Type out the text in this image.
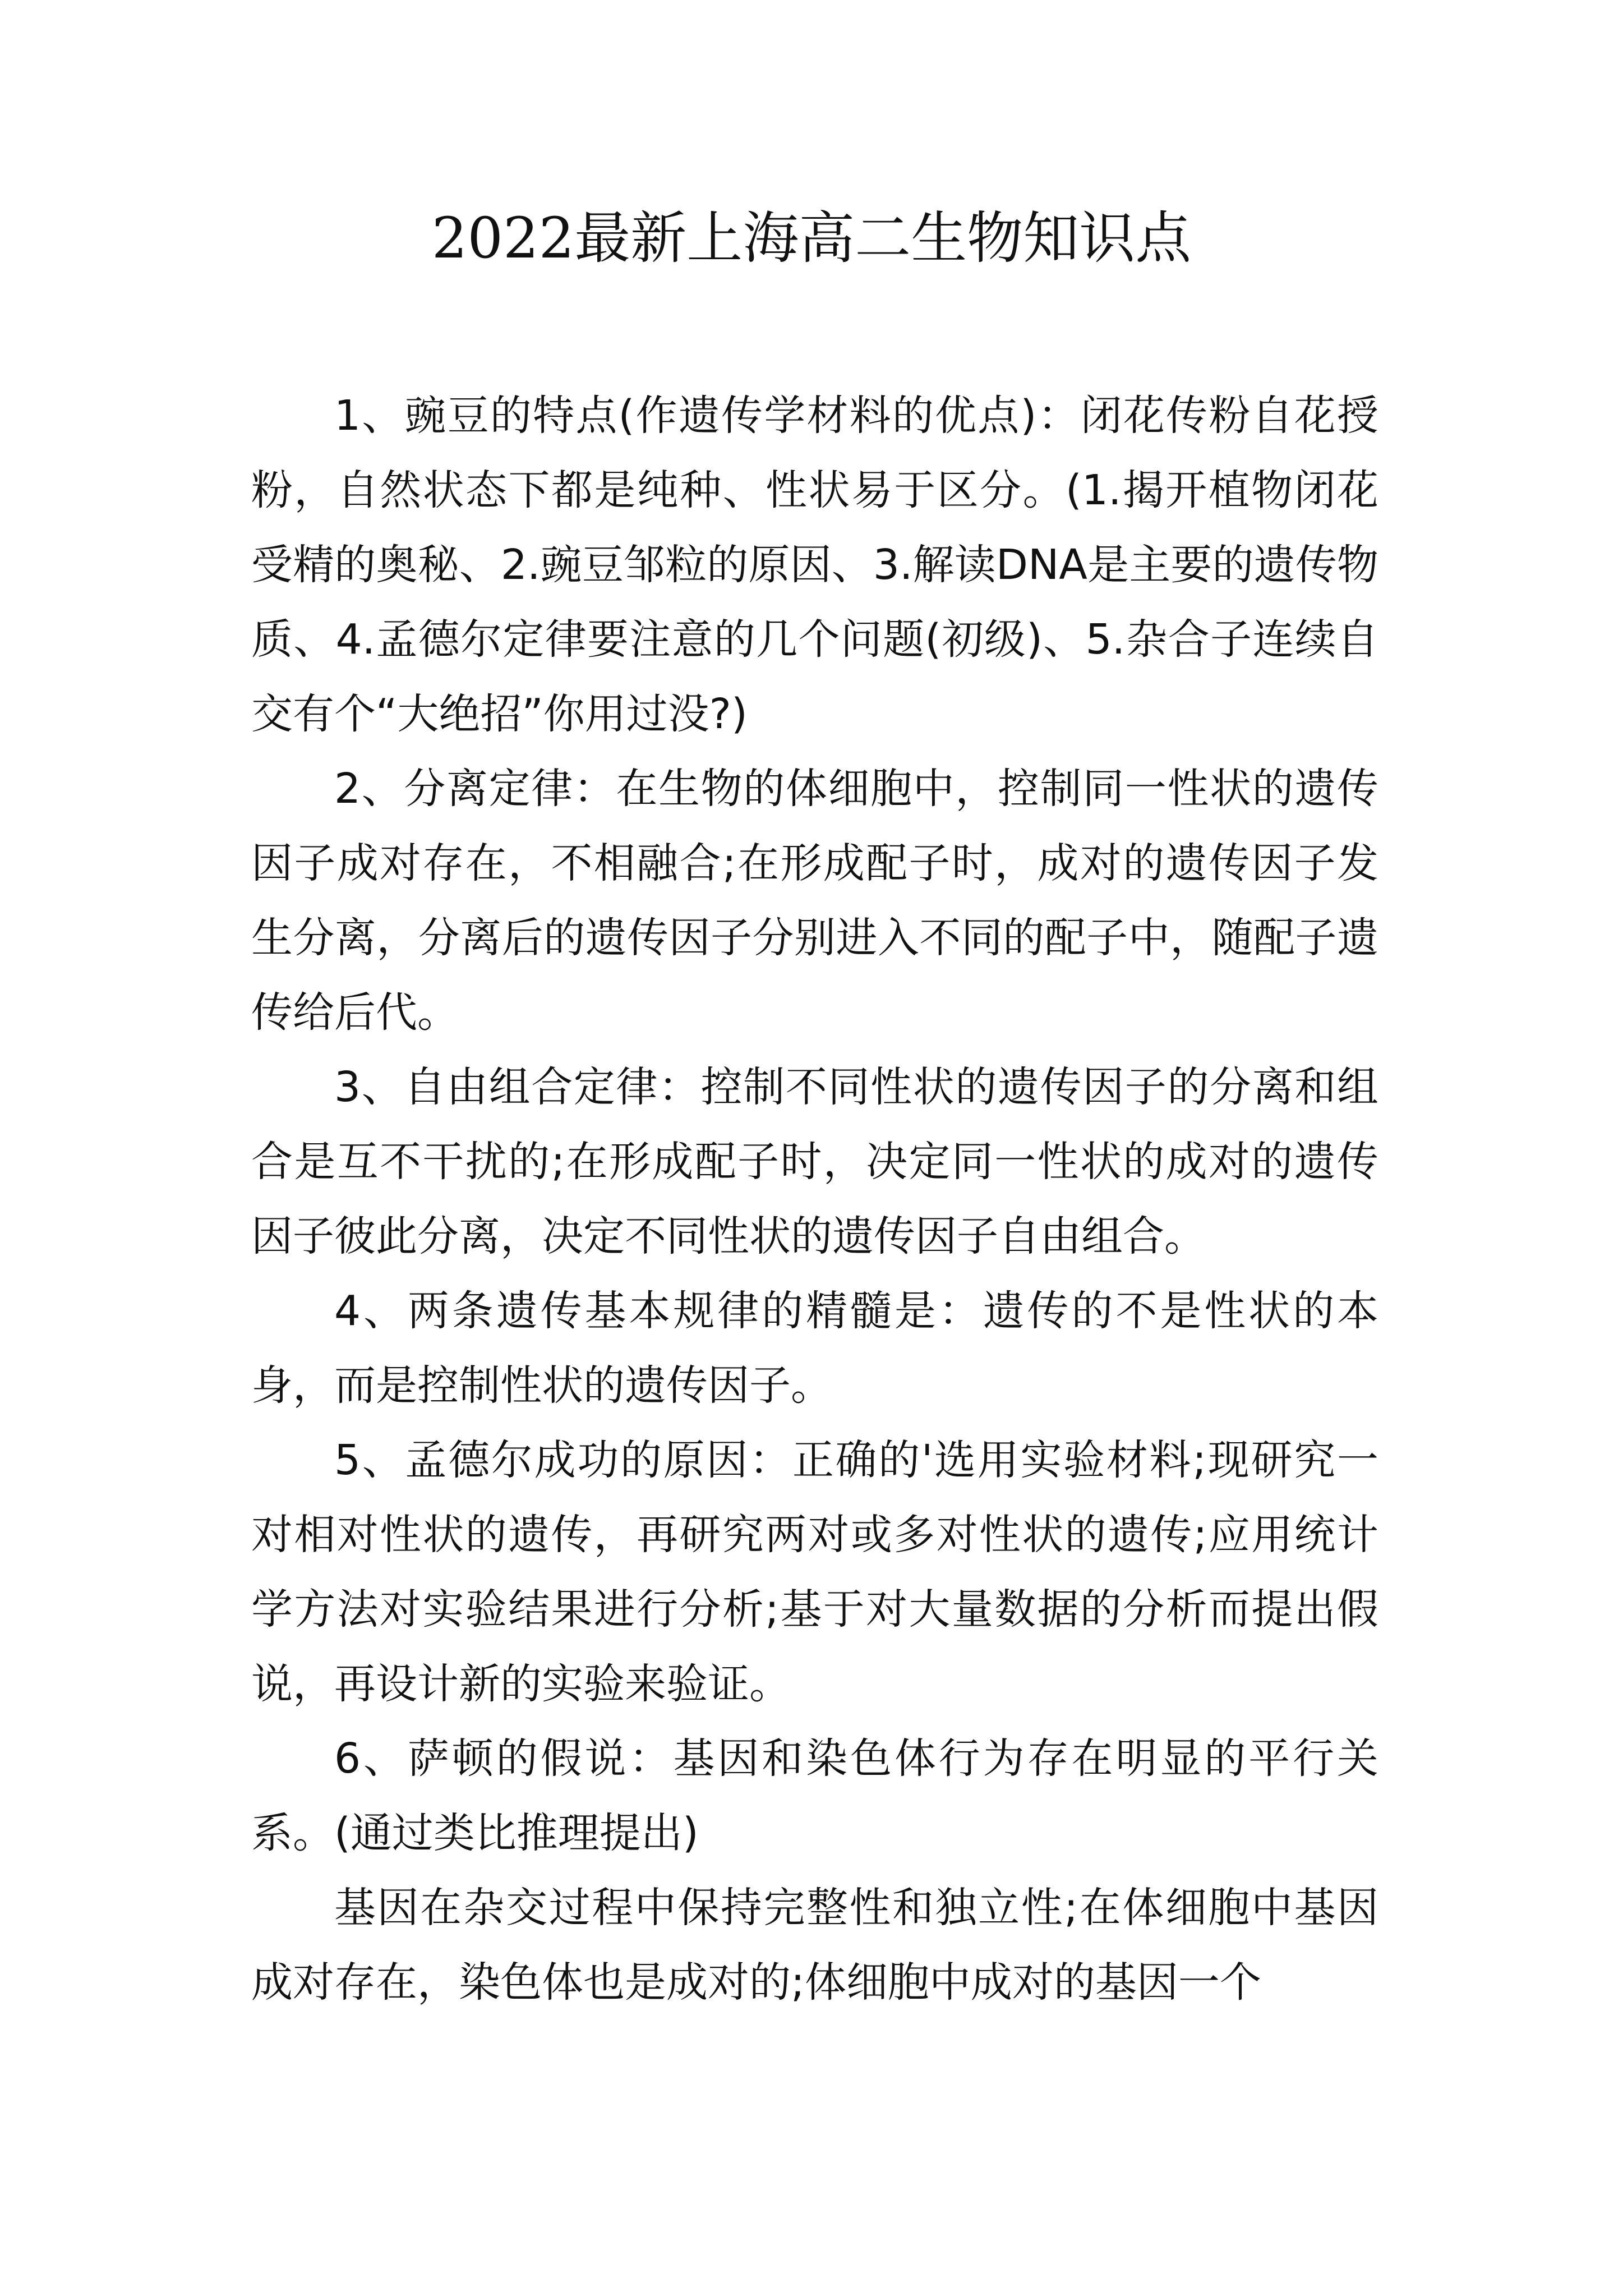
2022最新上海高二生物知识点

1、豌豆的特点(作遗传学材料的优点)：闭花传粉自花授粉，自然状态下都是纯种、性状易于区分。(1.揭开植物闭花受精的奥秘、2.豌豆邹粒的原因、3.解读DNA是主要的遗传物质、4.孟德尔定律要注意的几个问题(初级)、5.杂合子连续自交有个“大绝招”你用过没?)

2、分离定律：在生物的体细胞中，控制同一性状的遗传因子成对存在，不相融合;在形成配子时，成对的遗传因子发生分离，分离后的遗传因子分别进入不同的配子中，随配子遗传给后代。

3、自由组合定律：控制不同性状的遗传因子的分离和组合是互不干扰的;在形成配子时，决定同一性状的成对的遗传因子彼此分离，决定不同性状的遗传因子自由组合。

4、两条遗传基本规律的精髓是：遗传的不是性状的本身，而是控制性状的遗传因子。

5、孟德尔成功的原因：正确的'选用实验材料;现研究一对相对性状的遗传，再研究两对或多对性状的遗传;应用统计学方法对实验结果进行分析;基于对大量数据的分析而提出假说，再设计新的实验来验证。

6、萨顿的假说：基因和染色体行为存在明显的平行关系。(通过类比推理提出)

基因在杂交过程中保持完整性和独立性;在体细胞中基因成对存在，染色体也是成对的;体细胞中成对的基因一个
